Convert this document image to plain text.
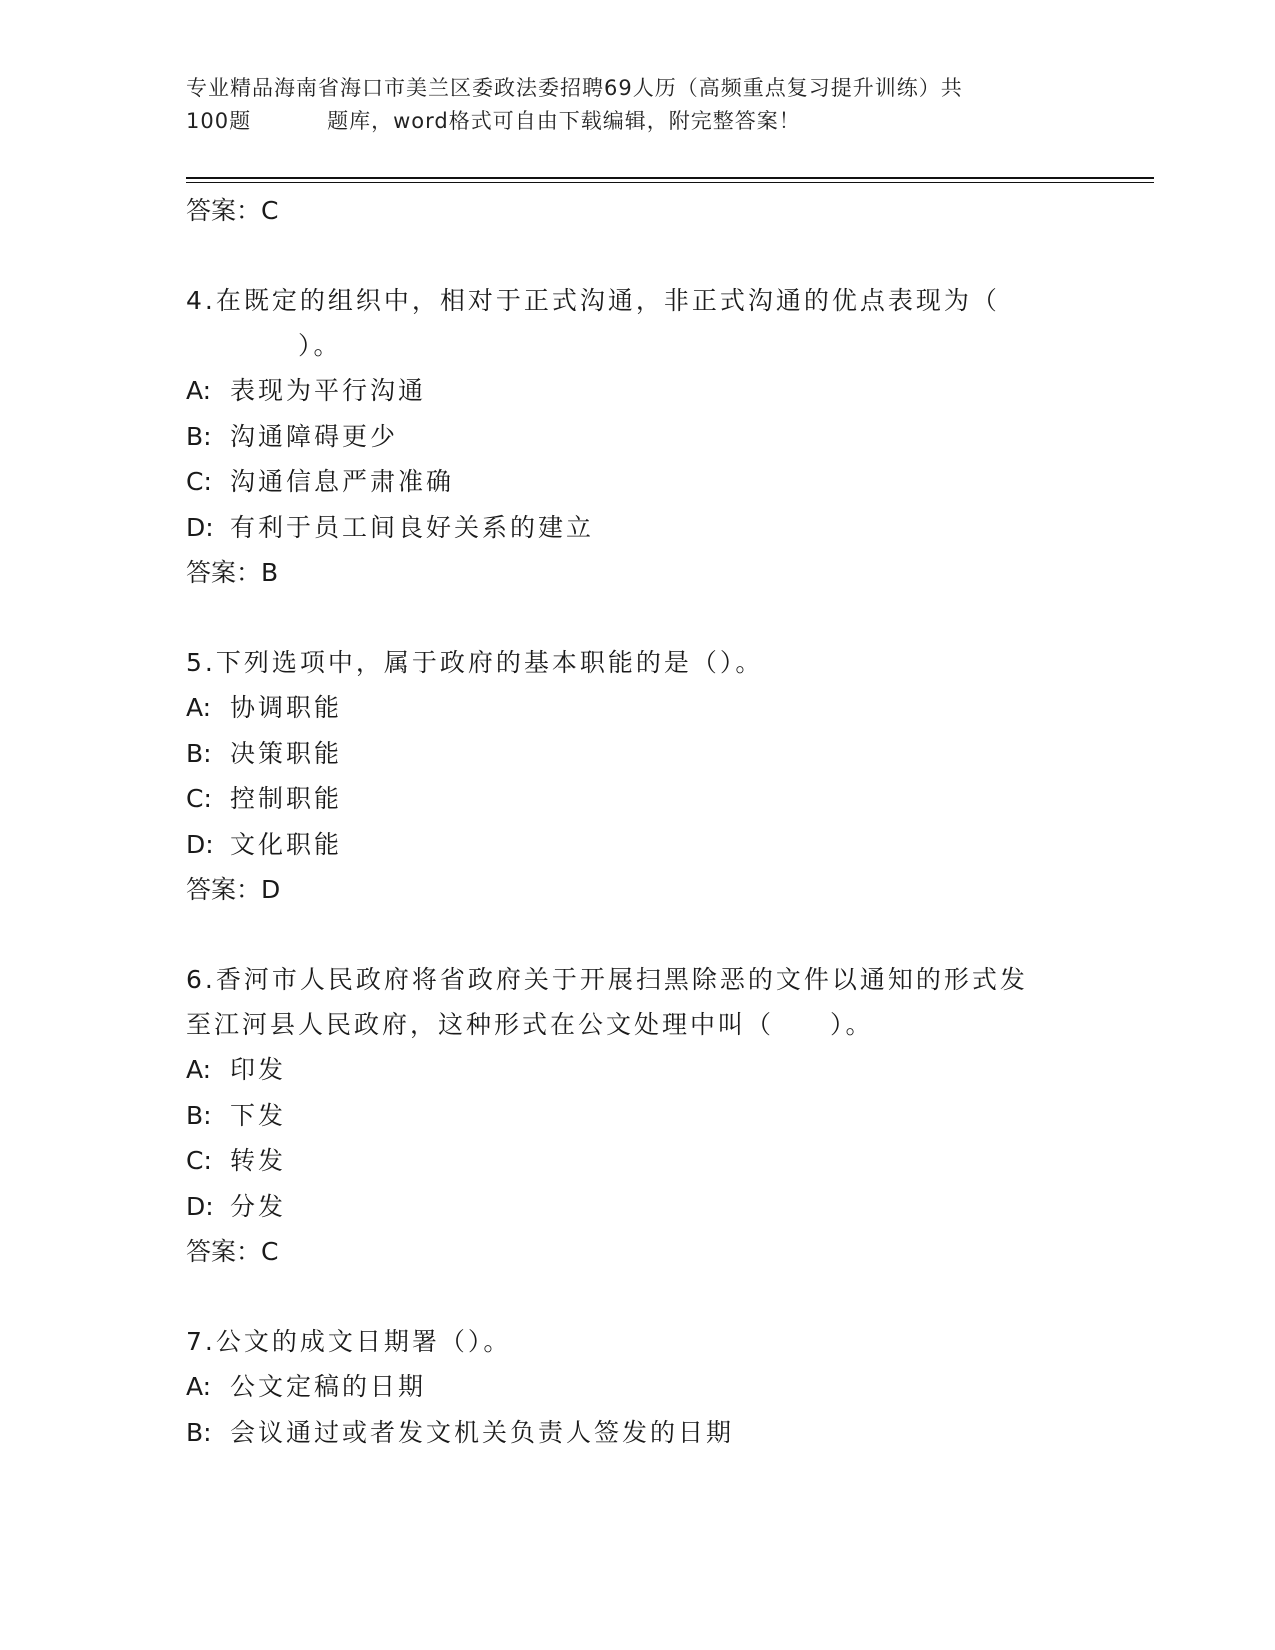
专业精品海南省海口市美兰区委政法委招聘69人历（高频重点复习提升训练）共
100题	题库，word格式可自由下载编辑，附完整答案！

答案：C

4.在既定的组织中，相对于正式沟通，非正式沟通的优点表现为（

）。

A: 表现为平行沟通

B: 沟通障碍更少

C: 沟通信息严肃准确

D: 有利于员工间良好关系的建立

答案：B

5.下列选项中，属于政府的基本职能的是（）。

A: 协调职能

B: 决策职能

C: 控制职能

D: 文化职能

答案：D

6.香河市人民政府将省政府关于开展扫黑除恶的文件以通知的形式发

至江河县人民政府，这种形式在公文处理中叫（　　）。

A: 印发

B: 下发

C: 转发

D: 分发

答案：C

7.公文的成文日期署（）。

A: 公文定稿的日期

B: 会议通过或者发文机关负责人签发的日期
